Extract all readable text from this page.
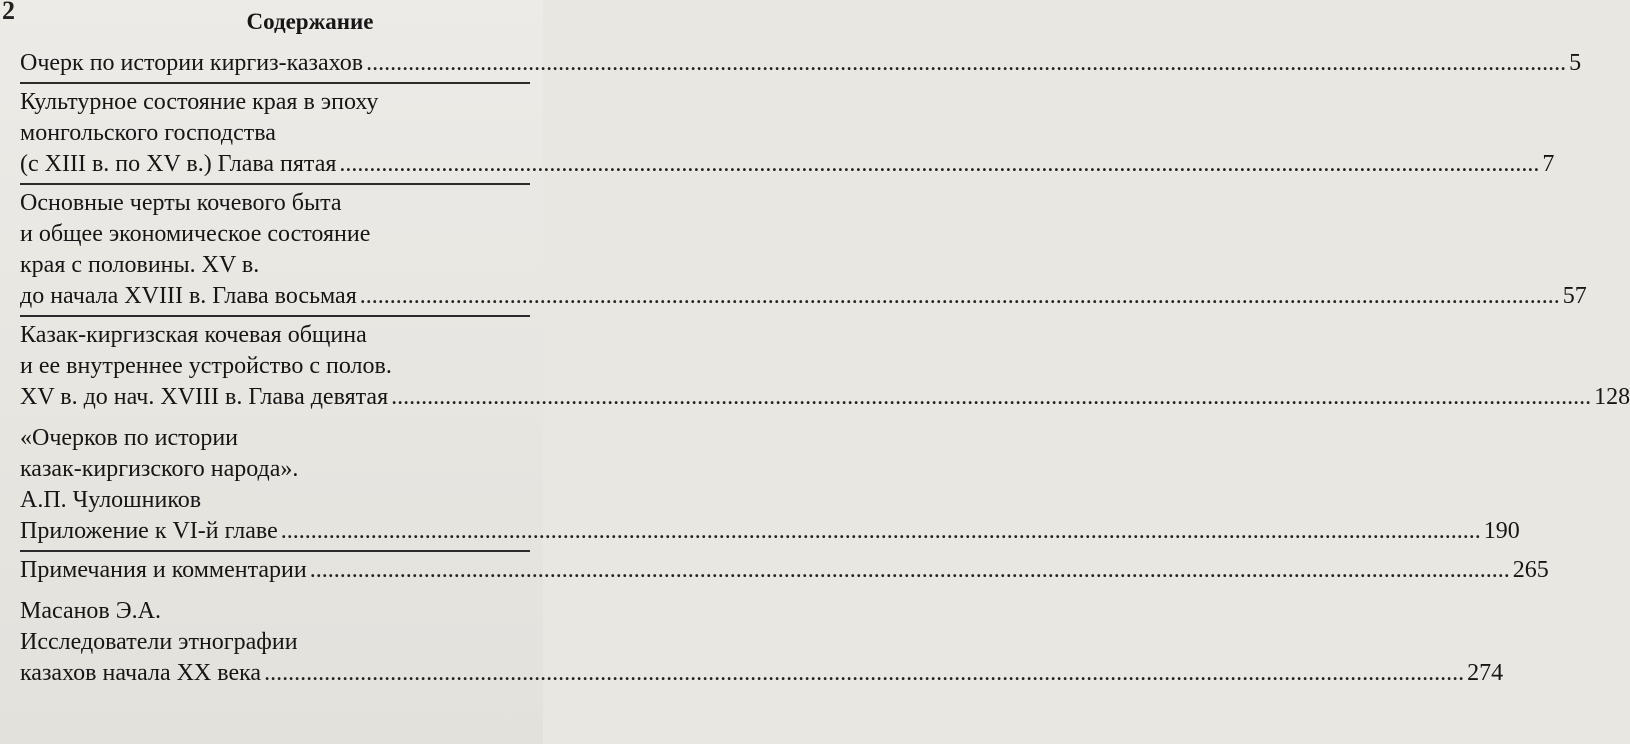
2	Содержание
Очерк по истории киргиз-казахов ........................................................................................................................................................................................................ 5
Культурное состояние края в эпоху
монгольского господства
(с XIII в. по XV в.) Глава пятая ........................................................................................................................................................................................................ 7
Основные черты кочевого быта
и общее экономическое состояние
края с половины. XV в.
до начала XVIII в. Глава восьмая ........................................................................................................................................................................................................ 57
Казак-киргизская кочевая община
и ее внутреннее устройство с полов.
XV в. до нач. XVIII в. Глава девятая ........................................................................................................................................................................................................ 128
«Очерков по истории
казак-киргизского народа».
А.П. Чулошников
Приложение к VI-й главе ........................................................................................................................................................................................................ 190
Примечания и комментарии ........................................................................................................................................................................................................ 265
Масанов Э.А.
Исследователи этнографии
казахов начала XX века ........................................................................................................................................................................................................ 274
